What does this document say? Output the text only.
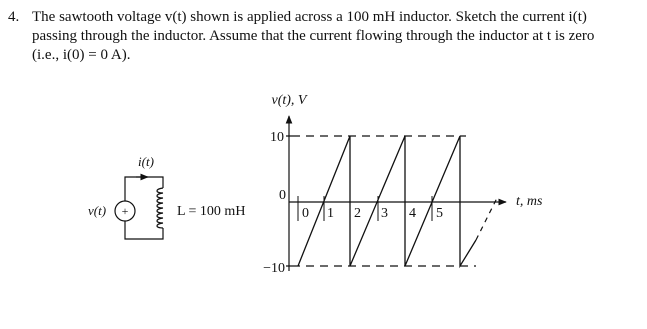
4. The sawtooth voltage v(t) shown is applied across a 100 mH inductor. Sketch the current i(t)
passing through the inductor. Assume that the current flowing through the inductor at t is zero
(i.e., i(0) = 0 A).
i(t)
+
v(t)	L = 100 mH
v(t), V
t, ms
10
0
−10
0 1 2 3 4 5
